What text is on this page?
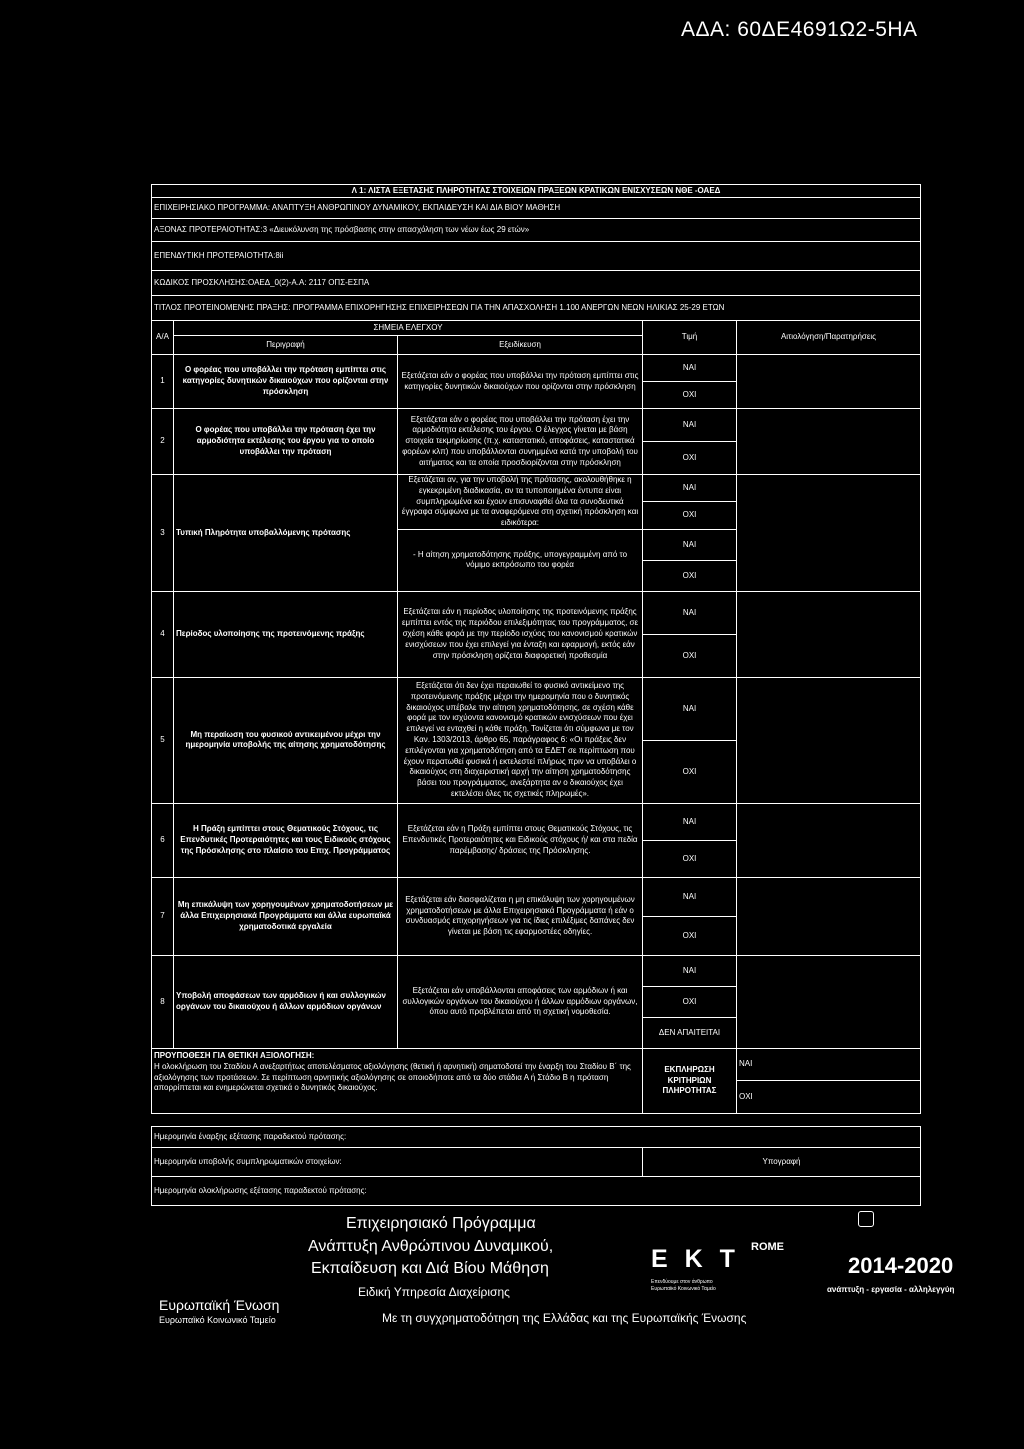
ΑΔΑ: 60ΔΕ4691Ω2-5ΗΑ
Λ 1: ΛΙΣΤΑ ΕΞΕΤΑΣΗΣ ΠΛΗΡΟΤΗΤΑΣ ΣΤΟΙΧΕΙΩΝ ΠΡΑΞΕΩΝ ΚΡΑΤΙΚΩΝ ΕΝΙΣΧΥΣΕΩΝ ΝΘΕ -ΟΑΕΔ				
ΕΠΙΧΕΙΡΗΣΙΑΚΟ ΠΡΟΓΡΑΜΜΑ: ΑΝΑΠΤΥΞΗ ΑΝΘΡΩΠΙΝΟΥ ΔΥΝΑΜΙΚΟΥ, ΕΚΠΑΙΔΕΥΣΗ ΚΑΙ ΔΙΑ ΒΙΟΥ ΜΑΘΗΣΗ				
ΑΞΟΝΑΣ ΠΡΟΤΕΡΑΙΟΤΗΤΑΣ:3 «Διευκόλυνση της πρόσβασης στην απασχόληση των νέων έως 29 ετών»				
ΕΠΕΝΔΥΤΙΚΗ ΠΡΟΤΕΡΑΙΟΤΗΤΑ:8ii				
ΚΩΔΙΚΟΣ ΠΡΟΣΚΛΗΣΗΣ:ΟΑΕΔ_0(2)-Α.Α: 2117 ΟΠΣ-ΕΣΠΑ				
ΤΙΤΛΟΣ ΠΡΟΤΕΙΝΟΜΕΝΗΣ ΠΡΑΞΗΣ: ΠΡΟΓΡΑΜΜΑ ΕΠΙΧΟΡΗΓΗΣΗΣ ΕΠΙΧΕΙΡΗΣΕΩΝ ΓΙΑ ΤΗΝ ΑΠΑΣΧΟΛΗΣΗ 1.100 ΑΝΕΡΓΩΝ ΝΕΩΝ ΗΛΙΚΙΑΣ 25-29 ΕΤΩΝ				
Α/Α	ΣΗΜΕΙΑ ΕΛΕΓΧΟΥ		Τιμή	Αιτιολόγηση/Παρατηρήσεις
	Περιγραφή	Εξειδίκευση		
1	Ο φορέας που υποβάλλει την πρόταση εμπίπτει στις κατηγορίες δυνητικών δικαιούχων που ορίζονται στην πρόσκληση	Εξετάζεται εάν ο φορέας που υποβάλλει την πρόταση εμπίπτει στις κατηγορίες δυνητικών δικαιούχων που ορίζονται στην πρόσκληση	ΝΑΙ	
			ΟΧΙ	
2	Ο φορέας που υποβάλλει την πρόταση έχει την αρμοδιότητα εκτέλεσης του έργου για το οποίο υποβάλλει την πρόταση	Εξετάζεται εάν ο φορέας που υποβάλλει την πρόταση έχει την αρμοδιότητα εκτέλεσης του έργου. Ο έλεγχος γίνεται με βάση στοιχεία τεκμηρίωσης (π.χ. καταστατικό, αποφάσεις, καταστατικά φορέων κλπ) που υποβάλλονται συνημμένα κατά την υποβολή του αιτήματος και τα οποία προσδιορίζονται στην πρόσκληση	ΝΑΙ	
			ΟΧΙ	
3	Τυπική Πληρότητα υποβαλλόμενης πρότασης	Εξετάζεται αν, για την υποβολή της πρότασης, ακολουθήθηκε η εγκεκριμένη διαδικασία, αν τα τυποποιημένα έντυπα είναι συμπληρωμένα και έχουν επισυναφθεί όλα τα συνοδευτικά έγγραφα σύμφωνα με τα αναφερόμενα στη σχετική πρόσκληση και ειδικότερα:	ΝΑΙ	
			ΟΧΙ	
		- Η αίτηση χρηματοδότησης πράξης, υπογεγραμμένη από το νόμιμο εκπρόσωπο του φορέα	ΝΑΙ	
			ΟΧΙ	
4	Περίοδος υλοποίησης της προτεινόμενης πράξης	Εξετάζεται εάν η περίοδος υλοποίησης της προτεινόμενης πράξης εμπίπτει εντός της περιόδου επιλεξιμότητας του προγράμματος, σε σχέση κάθε φορά με την περίοδο ισχύος του κανονισμού κρατικών ενισχύσεων που έχει επιλεγεί για ένταξη και εφαρμογή, εκτός εάν στην πρόσκληση ορίζεται διαφορετική προθεσμία	ΝΑΙ	
			ΟΧΙ	
5	Μη περαίωση του φυσικού αντικειμένου μέχρι την ημερομηνία υποβολής της αίτησης χρηματοδότησης	Εξετάζεται ότι δεν έχει περαιωθεί το φυσικό αντικείμενο της προτεινόμενης πράξης μέχρι την ημερομηνία που ο δυνητικός δικαιούχος υπέβαλε την αίτηση χρηματοδότησης, σε σχέση κάθε φορά με τον ισχύοντα κανονισμό κρατικών ενισχύσεων που έχει επιλεγεί να ενταχθεί η κάθε πράξη. Τονίζεται ότι σύμφωνα με τον Καν. 1303/2013, άρθρο 65, παράγραφος 6: «Οι πράξεις δεν επιλέγονται για χρηματοδότηση από τα ΕΔΕΤ σε περίπτωση που έχουν περατωθεί φυσικά ή εκτελεστεί πλήρως πριν να υποβάλει ο δικαιούχος στη διαχειριστική αρχή την αίτηση χρηματοδότησης βάσει του προγράμματος, ανεξάρτητα αν ο δικαιούχος έχει εκτελέσει όλες τις σχετικές πληρωμές».	ΝΑΙ	
			ΟΧΙ	
6	Η Πράξη εμπίπτει στους Θεματικούς Στόχους, τις Επενδυτικές Προτεραιότητες και τους Ειδικούς στόχους της Πρόσκλησης στο πλαίσιο του Επιχ. Προγράμματος	Εξετάζεται εάν η Πράξη εμπίπτει στους Θεματικούς Στόχους, τις Επενδυτικές Προτεραιότητες και Ειδικούς στόχους ή/ και στα πεδία παρέμβασης/ δράσεις της Πρόσκλησης.	ΝΑΙ	
			ΟΧΙ	
7	Μη επικάλυψη των χορηγουμένων χρηματοδοτήσεων με άλλα Επιχειρησιακά Προγράμματα και άλλα ευρωπαϊκά χρηματοδοτικά εργαλεία	Εξετάζεται εάν διασφαλίζεται η μη επικάλυψη των χορηγουμένων χρηματοδοτήσεων με άλλα Επιχειρησιακά Προγράμματα ή εάν ο συνδυασμός επιχορηγήσεων για τις ίδιες επιλέξιμες δαπάνες δεν γίνεται με βάση τις εφαρμοστέες οδηγίες.	ΝΑΙ	
			ΟΧΙ	
8	Υποβολή αποφάσεων των αρμόδιων ή και συλλογικών οργάνων του δικαιούχου ή άλλων αρμόδιων οργάνων	Εξετάζεται εάν υποβάλλονται αποφάσεις των αρμόδιων ή και συλλογικών οργάνων του δικαιούχου ή άλλων αρμόδιων οργάνων, όπου αυτό προβλέπεται από τη σχετική νομοθεσία.	ΝΑΙ	
			ΟΧΙ	
			ΔΕΝ ΑΠΑΙΤΕΙΤΑΙ	

ΠΡΟΥΠΟΘΕΣΗ ΓΙΑ ΘΕΤΙΚΗ ΑΞΙΟΛΟΓΗΣΗ:
Η ολοκλήρωση του Σταδίου Α ανεξαρτήτως αποτελέσματος αξιολόγησης (θετική ή αρνητική) σηματοδοτεί την έναρξη του Σταδίου Β΄ της αξιολόγησης των προτάσεων. Σε περίπτωση αρνητικής αξιολόγησης σε οποιοδήποτε από τα δύο στάδια Α ή Στάδιο Β η πρόταση απορρίπτεται και ενημερώνεται σχετικά ο δυνητικός δικαιούχος.			ΕΚΠΛΗΡΩΣΗ ΚΡΙΤΗΡΙΩΝ ΠΛΗΡΟΤΗΤΑΣ	ΝΑΙ
				ΟΧΙ

Ημερομηνία έναρξης εξέτασης παραδεκτού πρότασης:				
Ημερομηνία υποβολής συμπληρωματικών στοιχείων:			Υπογραφή	
Ημερομηνία ολοκλήρωσης εξέτασης παραδεκτού πρότασης:				
Ευρωπαϊκή Ένωση
Ευρωπαϊκό Κοινωνικό Ταμείο
Επιχειρησιακό Πρόγραμμα
Ανάπτυξη Ανθρώπινου Δυναμικού,
Εκπαίδευση και Διά Βίου Μάθηση
Ειδική Υπηρεσία Διαχείρισης
Με τη συγχρηματοδότηση της Ελλάδας και της Ευρωπαϊκής Ένωσης
Ε Κ Τ
Επενδύουμε στον άνθρωπο
Ευρωπαϊκό Κοινωνικό Ταμείο
ROME
2014-2020
ανάπτυξη - εργασία - αλληλεγγύη
